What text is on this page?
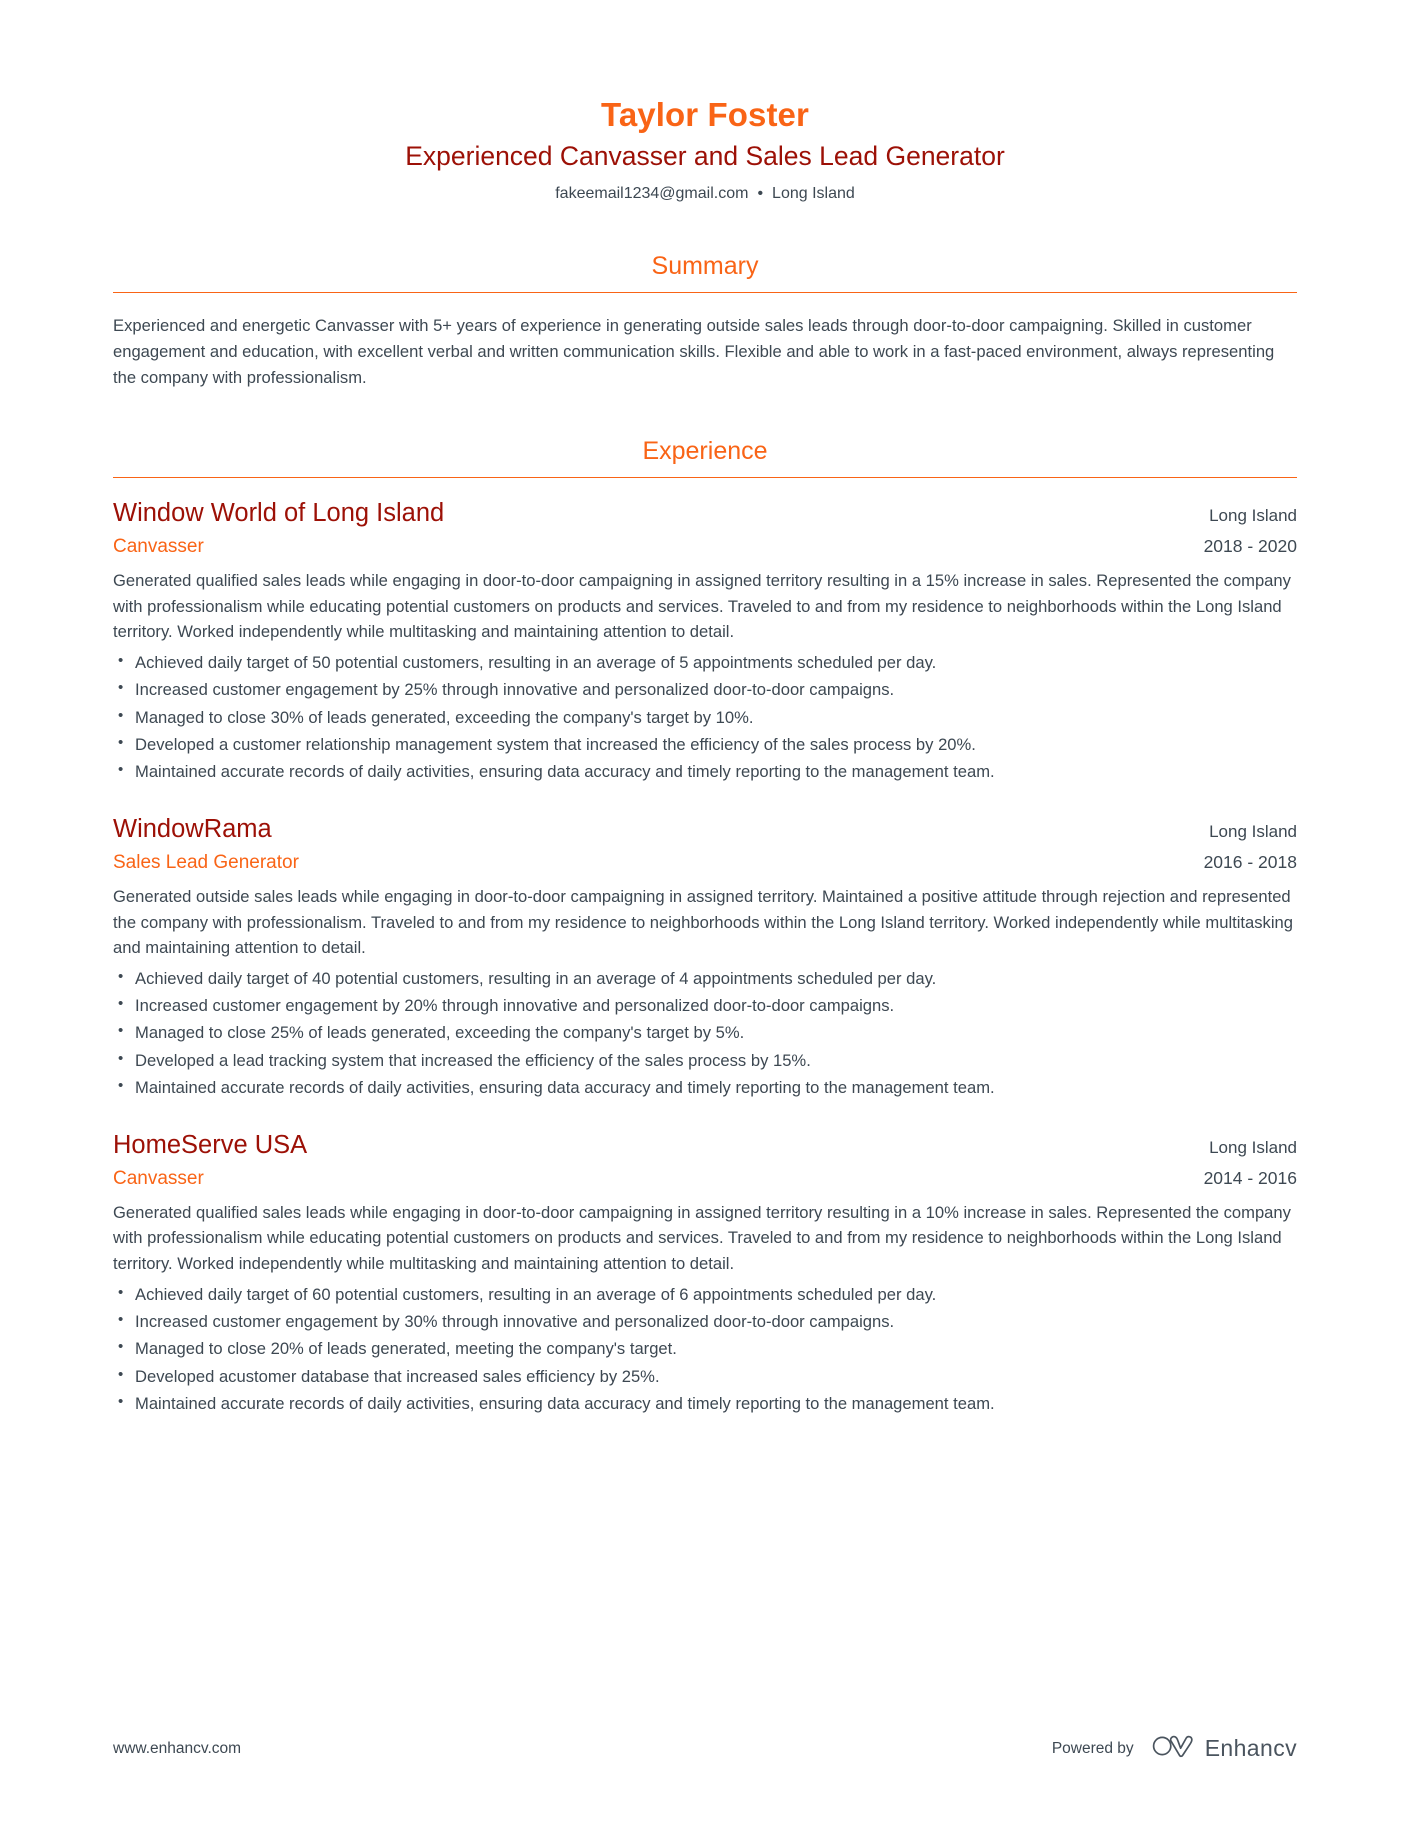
Taylor Foster
Experienced Canvasser and Sales Lead Generator
fakeemail1234@gmail.com • Long Island
Summary

Experienced and energetic Canvasser with 5+ years of experience in generating outside sales leads through door-to-door campaigning. Skilled in customer engagement and education, with excellent verbal and written communication skills. Flexible and able to work in a fast-paced environment, always representing the company with professionalism.

Experience
Window World of Long Island	Long Island
Canvasser	2018 - 2020

Generated qualified sales leads while engaging in door-to-door campaigning in assigned territory resulting in a 15% increase in sales. Represented the company with professionalism while educating potential customers on products and services. Traveled to and from my residence to neighborhoods within the Long Island territory. Worked independently while multitasking and maintaining attention to detail.

• Achieved daily target of 50 potential customers, resulting in an average of 5 appointments scheduled per day.
• Increased customer engagement by 25% through innovative and personalized door-to-door campaigns.
• Managed to close 30% of leads generated, exceeding the company's target by 10%.
• Developed a customer relationship management system that increased the efficiency of the sales process by 20%.
• Maintained accurate records of daily activities, ensuring data accuracy and timely reporting to the management team.
WindowRama	Long Island
Sales Lead Generator	2016 - 2018

Generated outside sales leads while engaging in door-to-door campaigning in assigned territory. Maintained a positive attitude through rejection and represented the company with professionalism. Traveled to and from my residence to neighborhoods within the Long Island territory. Worked independently while multitasking and maintaining attention to detail.

• Achieved daily target of 40 potential customers, resulting in an average of 4 appointments scheduled per day.
• Increased customer engagement by 20% through innovative and personalized door-to-door campaigns.
• Managed to close 25% of leads generated, exceeding the company's target by 5%.
• Developed a lead tracking system that increased the efficiency of the sales process by 15%.
• Maintained accurate records of daily activities, ensuring data accuracy and timely reporting to the management team.
HomeServe USA	Long Island
Canvasser	2014 - 2016

Generated qualified sales leads while engaging in door-to-door campaigning in assigned territory resulting in a 10% increase in sales. Represented the company with professionalism while educating potential customers on products and services. Traveled to and from my residence to neighborhoods within the Long Island territory. Worked independently while multitasking and maintaining attention to detail.

• Achieved daily target of 60 potential customers, resulting in an average of 6 appointments scheduled per day.
• Increased customer engagement by 30% through innovative and personalized door-to-door campaigns.
• Managed to close 20% of leads generated, meeting the company's target.
• Developed acustomer database that increased sales efficiency by 25%.
• Maintained accurate records of daily activities, ensuring data accuracy and timely reporting to the management team.
www.enhancv.com	Powered by	Enhancv
